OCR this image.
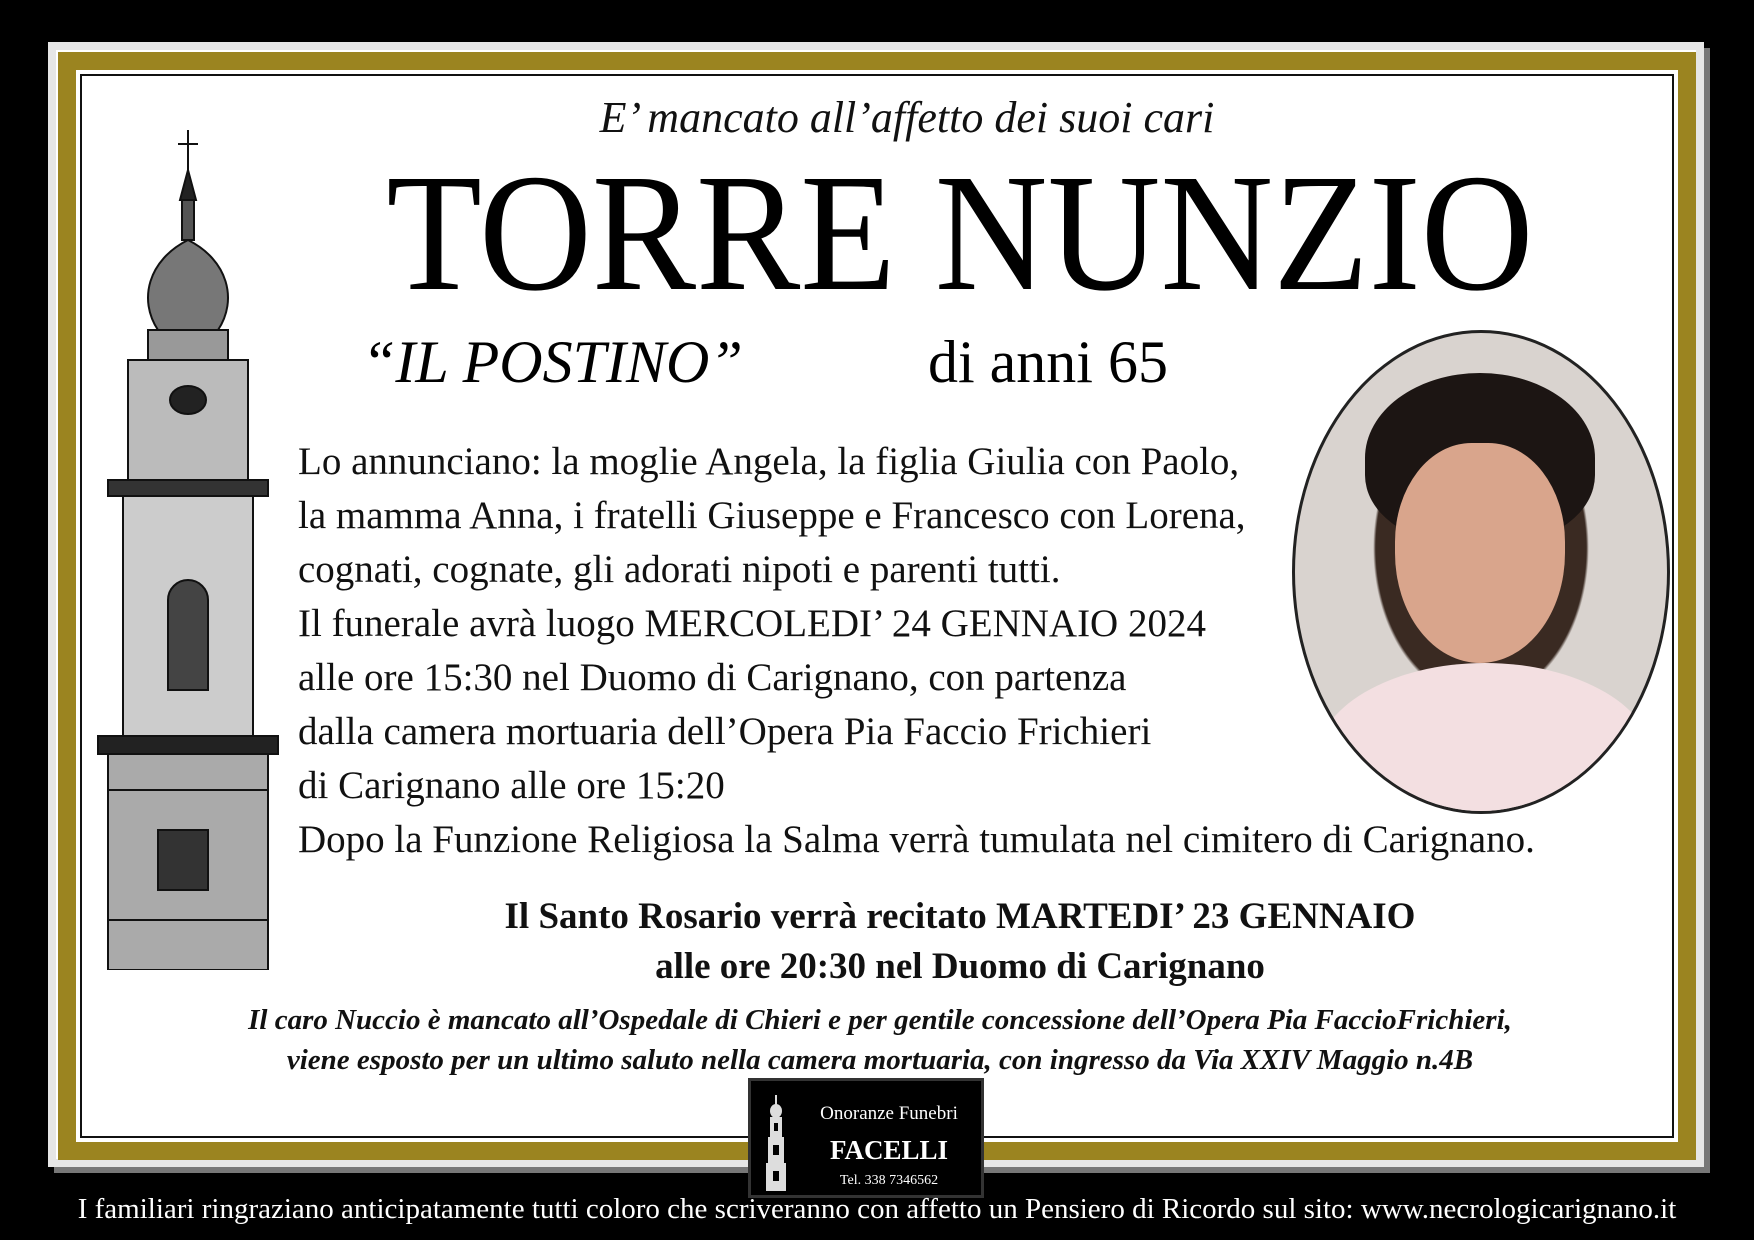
E’ mancato all’affetto dei suoi cari
TORRE NUNZIO
“IL POSTINO”	di anni 65
Lo annunciano: la moglie Angela, la figlia Giulia con Paolo,
la mamma Anna, i fratelli Giuseppe e Francesco con Lorena,
cognati, cognate, gli adorati nipoti e parenti tutti.
Il funerale avrà luogo MERCOLEDI’ 24 GENNAIO 2024
alle ore 15:30 nel Duomo di Carignano, con partenza
dalla camera mortuaria dell’Opera Pia Faccio Frichieri
di Carignano alle ore 15:20
Dopo la Funzione Religiosa la Salma verrà tumulata nel cimitero di Carignano.
Il Santo Rosario verrà recitato MARTEDI’ 23 GENNAIO
alle ore 20:30 nel Duomo di Carignano
Il caro Nuccio è mancato all’Ospedale di Chieri e per gentile concessione dell’Opera Pia FaccioFrichieri,
viene esposto per un ultimo saluto nella camera mortuaria, con ingresso da Via XXIV Maggio n.4B
Onoranze Funebri
FACELLI
Tel. 338 7346562
I familiari ringraziano anticipatamente tutti coloro che scriveranno con affetto un Pensiero di Ricordo sul sito: www.necrologicarignano.it
